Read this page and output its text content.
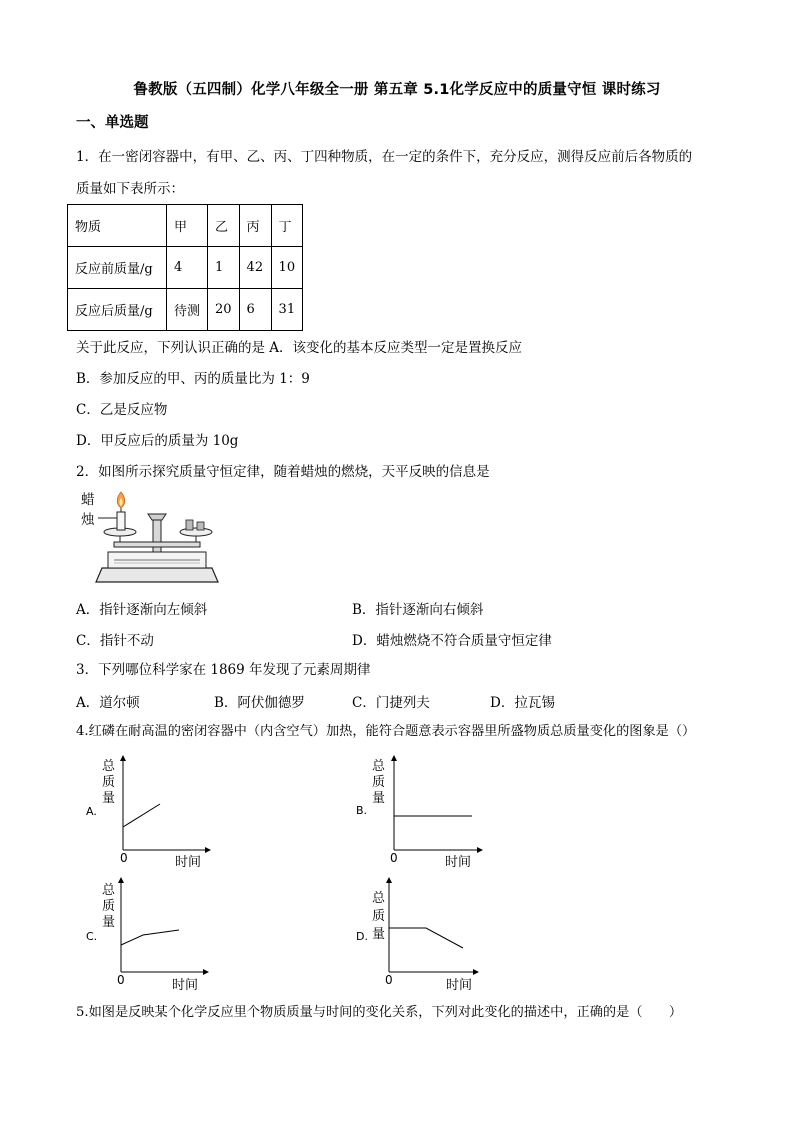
鲁教版（五四制）化学八年级全一册 第五章 5.1化学反应中的质量守恒 课时练习
一、单选题
1．在一密闭容器中，有甲、乙、丙、丁四种物质，在一定的条件下，充分反应，测得反应前后各物质的
质量如下表所示：
物质	甲	乙	丙	丁
反应前质量/g	4	1	42	10
反应后质量/g	待测	20	6	31
关于此反应，下列认识正确的是 A．该变化的基本反应类型一定是置换反应
B．参加反应的甲、丙的质量比为 1：9
C．乙是反应物
D．甲反应后的质量为 10g
2．如图所示探究质量守恒定律，随着蜡烛的燃烧，天平反映的信息是
蜡
烛
A．指针逐渐向左倾斜	B．指针逐渐向右倾斜
C．指针不动	D．蜡烛燃烧不符合质量守恒定律
3．下列哪位科学家在 1869 年发现了元素周期律
A．道尔顿	B．阿伏伽德罗	C．门捷列夫	D．拉瓦锡
4.红磷在耐高温的密闭容器中（内含空气）加热，能符合题意表示容器里所盛物质总质量变化的图象是（）
总
质
量
A.
0	时间
总
质
量
B.
0	时间
总
质
量
C.
0	时间
总
质
量
D.
0	时间
5.如图是反映某个化学反应里个物质质量与时间的变化关系，下列对此变化的描述中，正确的是（　　）
